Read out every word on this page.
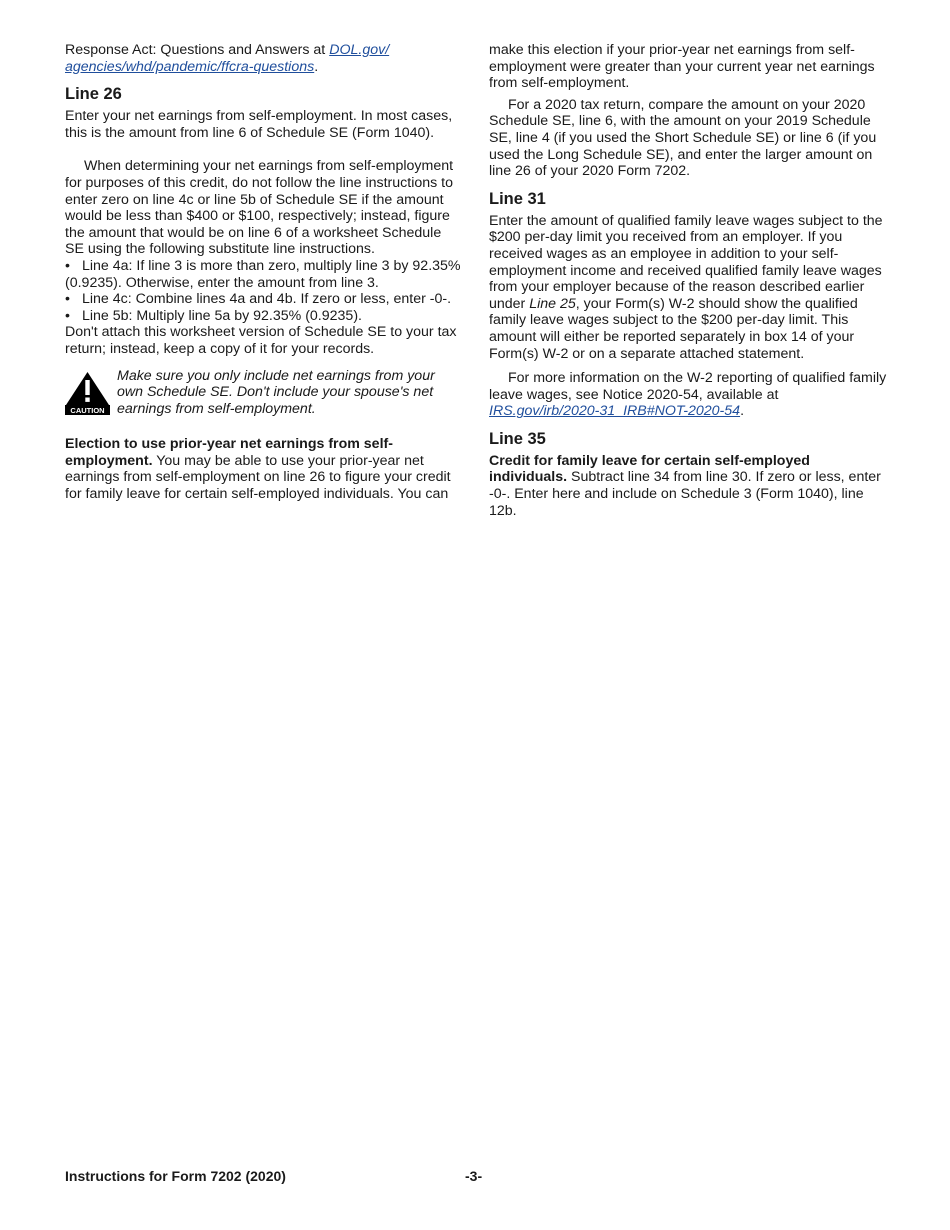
Response Act: Questions and Answers at DOL.gov/
agencies/whd/pandemic/ffcra-questions.

Line 26

Enter your net earnings from self-employment. In most cases, this is the amount from line 6 of Schedule SE (Form 1040).

When determining your net earnings from self-employment for purposes of this credit, do not follow the line instructions to enter zero on line 4c or line 5b of Schedule SE if the amount would be less than $400 or $100, respectively; instead, figure the amount that would be on line 6 of a worksheet Schedule SE using the following substitute line instructions.

• Line 4a: If line 3 is more than zero, multiply line 3 by 92.35% (0.9235). Otherwise, enter the amount from line 3.
• Line 4c: Combine lines 4a and 4b. If zero or less, enter -0-.
• Line 5b: Multiply line 5a by 92.35% (0.9235).

Don't attach this worksheet version of Schedule SE to your tax return; instead, keep a copy of it for your records.

CAUTION

Make sure you only include net earnings from your own Schedule SE. Don't include your spouse's net earnings from self-employment.

Election to use prior-year net earnings from self-employment. You may be able to use your prior-year net earnings from self-employment on line 26 to figure your credit for family leave for certain self-employed individuals. You can

make this election if your prior-year net earnings from self-employment were greater than your current year net earnings from self-employment.

For a 2020 tax return, compare the amount on your 2020 Schedule SE, line 6, with the amount on your 2019 Schedule SE, line 4 (if you used the Short Schedule SE) or line 6 (if you used the Long Schedule SE), and enter the larger amount on line 26 of your 2020 Form 7202.

Line 31

Enter the amount of qualified family leave wages subject to the $200 per-day limit you received from an employer. If you received wages as an employee in addition to your self-employment income and received qualified family leave wages from your employer because of the reason described earlier under Line 25, your Form(s) W-2 should show the qualified family leave wages subject to the $200 per-day limit. This amount will either be reported separately in box 14 of your Form(s) W-2 or on a separate attached statement.

For more information on the W-2 reporting of qualified family leave wages, see Notice 2020-54, available at IRS.gov/irb/2020-31_IRB#NOT-2020-54.

Line 35

Credit for family leave for certain self-employed individuals. Subtract line 34 from line 30. If zero or less, enter -0-. Enter here and include on Schedule 3 (Form 1040), line 12b.

Instructions for Form 7202 (2020)	-3-
